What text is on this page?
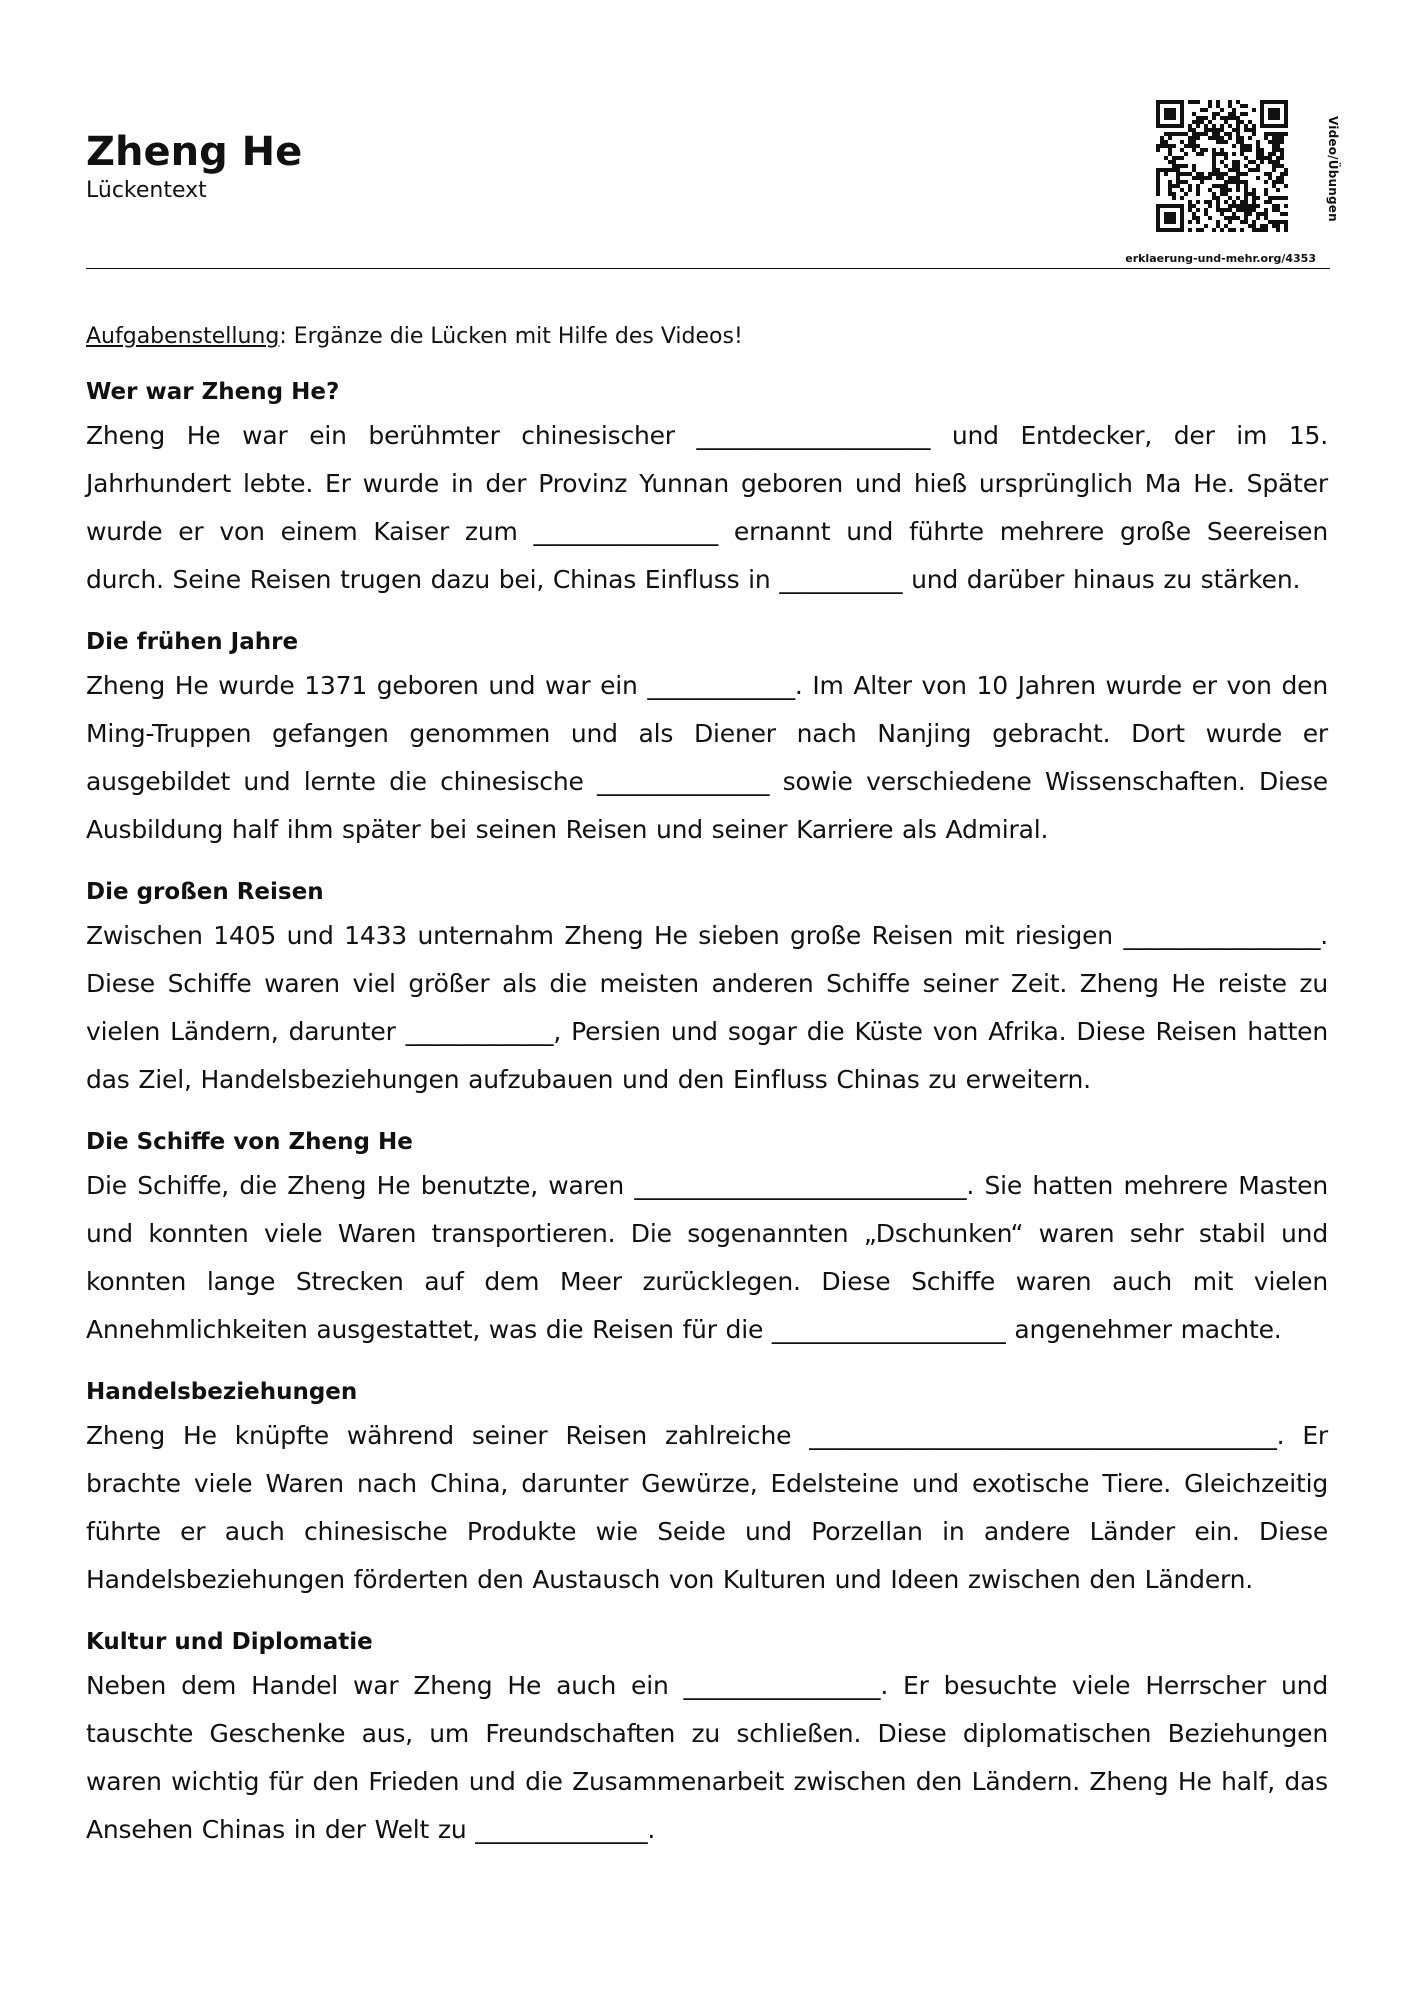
Zheng He
Lückentext	Video/Übungen
erklaerung-und-mehr.org/4353

Aufgabenstellung: Ergänze die Lücken mit Hilfe des Videos!

Wer war Zheng He?

Zheng He war ein berühmter chinesischer ___________________ und Entdecker, der im 15. Jahrhundert lebte. Er wurde in der Provinz Yunnan geboren und hieß ursprünglich Ma He. Später wurde er von einem Kaiser zum _______________ ernannt und führte mehrere große Seereisen durch. Seine Reisen trugen dazu bei, Chinas Einfluss in __________ und darüber hinaus zu stärken.

Die frühen Jahre

Zheng He wurde 1371 geboren und war ein ____________. Im Alter von 10 Jahren wurde er von den Ming-Truppen gefangen genommen und als Diener nach Nanjing gebracht. Dort wurde er ausgebildet und lernte die chinesische ______________ sowie verschiedene Wissenschaften. Diese Ausbildung half ihm später bei seinen Reisen und seiner Karriere als Admiral.

Die großen Reisen

Zwischen 1405 und 1433 unternahm Zheng He sieben große Reisen mit riesigen ________________. Diese Schiffe waren viel größer als die meisten anderen Schiffe seiner Zeit. Zheng He reiste zu vielen Ländern, darunter ____________, Persien und sogar die Küste von Afrika. Diese Reisen hatten das Ziel, Handelsbeziehungen aufzubauen und den Einfluss Chinas zu erweitern.

Die Schiffe von Zheng He

Die Schiffe, die Zheng He benutzte, waren ___________________________. Sie hatten mehrere Masten und konnten viele Waren transportieren. Die sogenannten „Dschunken“ waren sehr stabil und konnten lange Strecken auf dem Meer zurücklegen. Diese Schiffe waren auch mit vielen Annehmlichkeiten ausgestattet, was die Reisen für die ___________________ angenehmer machte.

Handelsbeziehungen

Zheng He knüpfte während seiner Reisen zahlreiche ______________________________________. Er brachte viele Waren nach China, darunter Gewürze, Edelsteine und exotische Tiere. Gleichzeitig führte er auch chinesische Produkte wie Seide und Porzellan in andere Länder ein. Diese Handelsbeziehungen förderten den Austausch von Kulturen und Ideen zwischen den Ländern.

Kultur und Diplomatie

Neben dem Handel war Zheng He auch ein ________________. Er besuchte viele Herrscher und tauschte Geschenke aus, um Freundschaften zu schließen. Diese diplomatischen Beziehungen waren wichtig für den Frieden und die Zusammenarbeit zwischen den Ländern. Zheng He half, das Ansehen Chinas in der Welt zu ______________.
